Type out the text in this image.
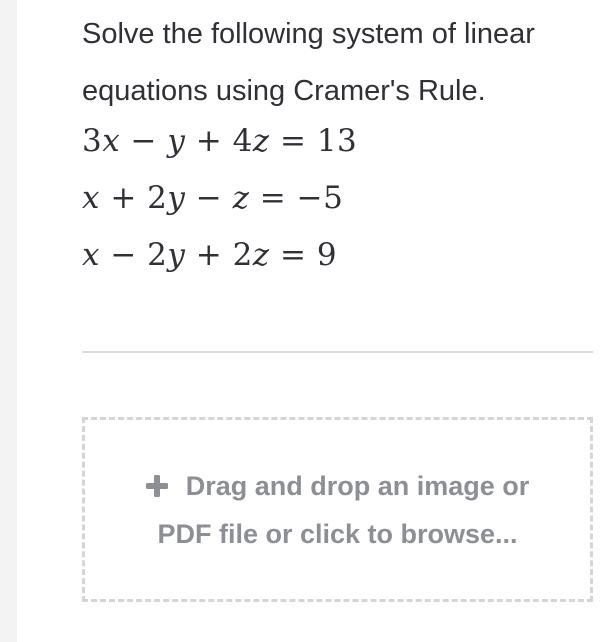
Solve the following system of linear equations using Cramer's Rule.

3𝑥 − 𝑦 + 4𝑧 = 13
𝑥 + 2𝑦 − 𝑧 = −5
𝑥 − 2𝑦 + 2𝑧 = 9
Drag and drop an image or PDF file or click to browse...
